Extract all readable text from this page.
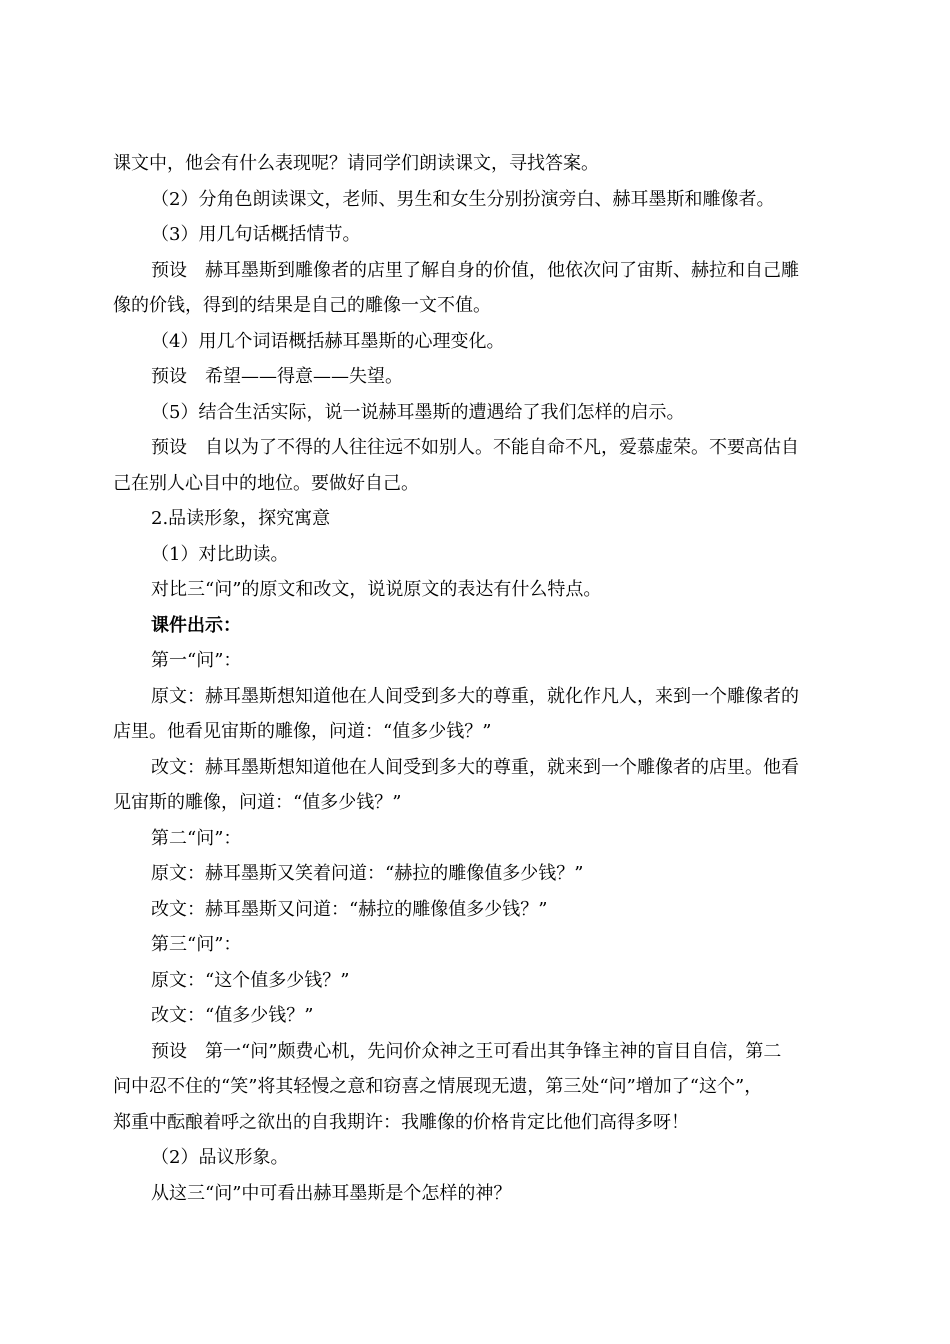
课文中，他会有什么表现呢？请同学们朗读课文，寻找答案。
（2）分角色朗读课文，老师、男生和女生分别扮演旁白、赫耳墨斯和雕像者。
（3）用几句话概括情节。
预设　赫耳墨斯到雕像者的店里了解自身的价值，他依次问了宙斯、赫拉和自己雕
像的价钱，得到的结果是自己的雕像一文不值。
（4）用几个词语概括赫耳墨斯的心理变化。
预设　希望——得意——失望。
（5）结合生活实际，说一说赫耳墨斯的遭遇给了我们怎样的启示。
预设　自以为了不得的人往往远不如别人。不能自命不凡，爱慕虚荣。不要高估自
己在别人心目中的地位。要做好自己。
2.品读形象，探究寓意
（1）对比助读。
对比三“问”的原文和改文，说说原文的表达有什么特点。
课件出示：
第一“问”：
原文：赫耳墨斯想知道他在人间受到多大的尊重，就化作凡人，来到一个雕像者的
店里。他看见宙斯的雕像，问道：“值多少钱？”
改文：赫耳墨斯想知道他在人间受到多大的尊重，就来到一个雕像者的店里。他看
见宙斯的雕像，问道：“值多少钱？”
第二“问”：
原文：赫耳墨斯又笑着问道：“赫拉的雕像值多少钱？”
改文：赫耳墨斯又问道：“赫拉的雕像值多少钱？”
第三“问”：
原文：“这个值多少钱？”
改文：“值多少钱？”
预设　第一“问”颇费心机，先问价众神之王可看出其争锋主神的盲目自信，第二
问中忍不住的“笑”将其轻慢之意和窃喜之情展现无遗，第三处“问”增加了“这个”，
郑重中酝酿着呼之欲出的自我期许：我雕像的价格肯定比他们高得多呀！
（2）品议形象。
从这三“问”中可看出赫耳墨斯是个怎样的神？
